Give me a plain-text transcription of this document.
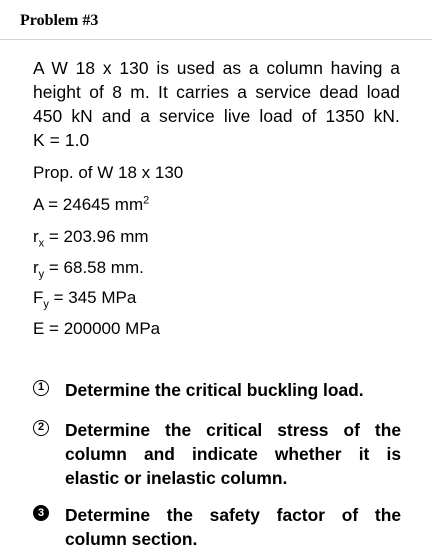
Problem #3
A W 18 x 130 is used as a column having a
height of 8 m. It carries a service dead load
450 kN and a service live load of 1350 kN.
K = 1.0
Prop. of W 18 x 130
A = 24645 $mm^2$
$r_x = 203.96$ mm
$r_y = 68.58$ mm.
$F_y = 345$ MPa
E = 200000 MPa
1 Determine the critical buckling load.
2 Determine the critical stress of the
column and indicate whether it is
elastic or inelastic column.
3 Determine the safety factor of the
column section.
